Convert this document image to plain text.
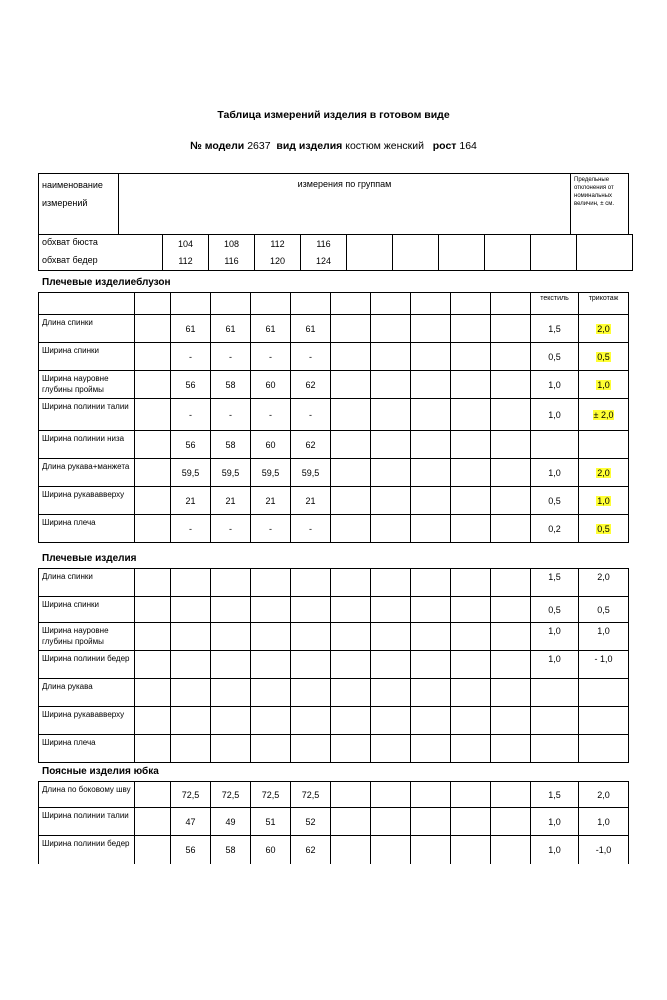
Таблица измерений изделия в готовом виде
№ модели 2637 вид изделия костюм женский рост 164
наименование измерений	измерения по группам	Предельные отклонения от номинальных величин, ± см.
обхват бюста	104	108	112	116						
обхват бедер	112	116	120	124						
Плечевые изделиеблузон
											текстиль	трикотаж
Длина спинки		61	61	61	61						1,5	2,0
Ширина спинки		-	-	-	-						0,5	0,5
Ширина науровне глубины проймы		56	58	60	62						1,0	1,0
Ширина полинии талии		-	-	-	-						1,0	± 2,0
Ширина полинии низа		56	58	60	62							
Длина рукава+манжета		59,5	59,5	59,5	59,5						1,0	2,0
Ширина рукававверху		21	21	21	21						0,5	1,0
Ширина плеча		-	-	-	-						0,2	0,5
Плечевые изделия
Длина спинки											1,5	2,0
Ширина спинки											0,5	0,5
Ширина науровне глубины проймы											1,0	1,0
Ширина полинии бедер											1,0	- 1,0
Длина рукава												
Ширина рукававверху												
Ширина плеча												
Поясные изделия юбка
Длина по боковому шву		72,5	72,5	72,5	72,5						1,5	2,0
Ширина полинии талии		47	49	51	52						1,0	1,0
Ширина полинии бедер		56	58	60	62						1,0	-1,0
